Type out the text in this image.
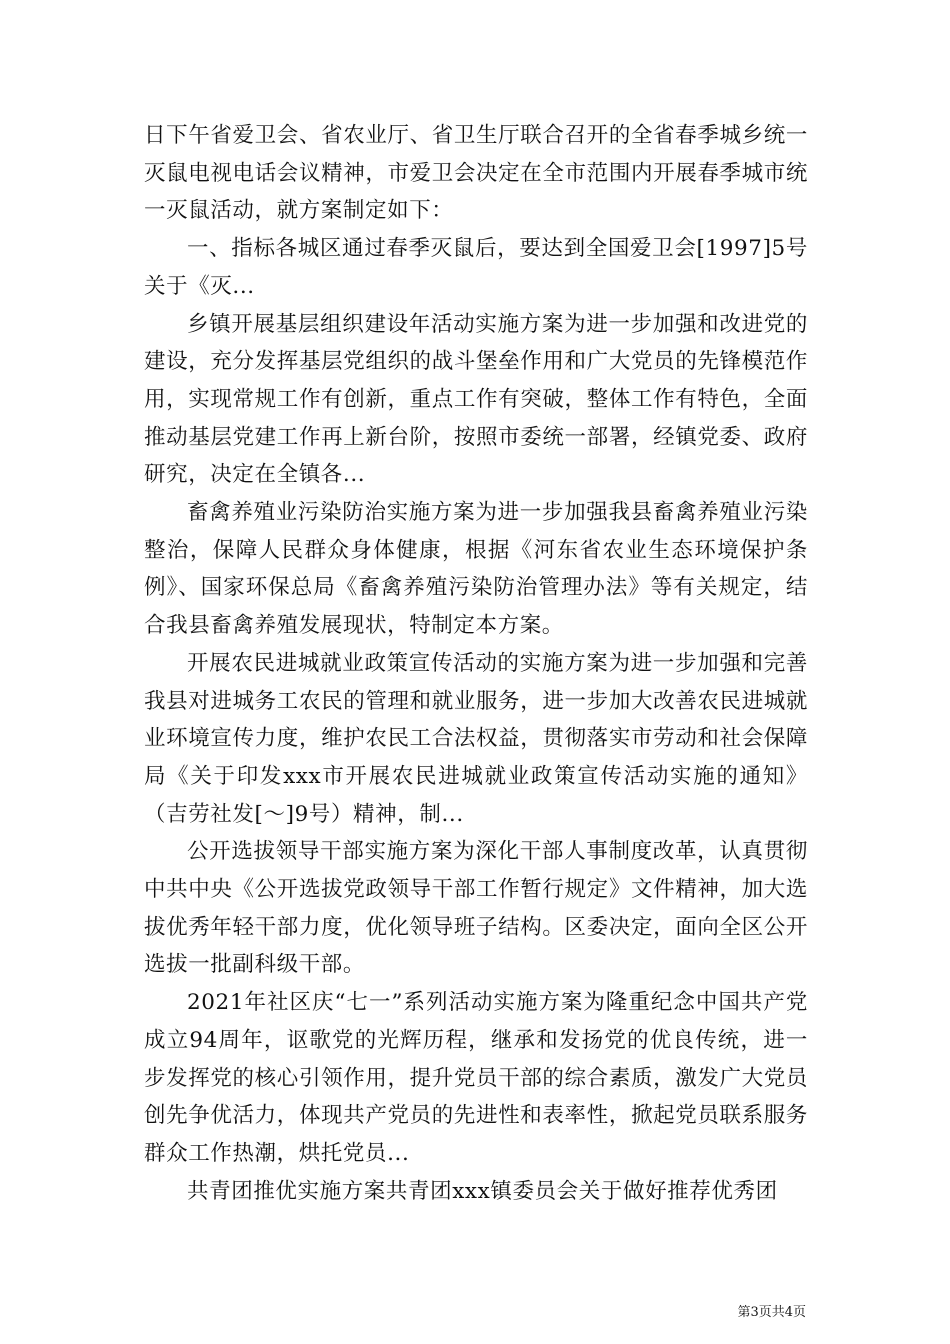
日下午省爱卫会、省农业厅、省卫生厅联合召开的全省春季城乡统一灭鼠电视电话会议精神，市爱卫会决定在全市范围内开展春季城市统一灭鼠活动，就方案制定如下：

一、指标各城区通过春季灭鼠后，要达到全国爱卫会[1997]5号关于《灭...

乡镇开展基层组织建设年活动实施方案为进一步加强和改进党的建设，充分发挥基层党组织的战斗堡垒作用和广大党员的先锋模范作用，实现常规工作有创新，重点工作有突破，整体工作有特色，全面推动基层党建工作再上新台阶，按照市委统一部署，经镇党委、政府研究，决定在全镇各...

畜禽养殖业污染防治实施方案为进一步加强我县畜禽养殖业污染整治，保障人民群众身体健康，根据《河东省农业生态环境保护条例》、国家环保总局《畜禽养殖污染防治管理办法》等有关规定，结合我县畜禽养殖发展现状，特制定本方案。

开展农民进城就业政策宣传活动的实施方案为进一步加强和完善我县对进城务工农民的管理和就业服务，进一步加大改善农民进城就业环境宣传力度，维护农民工合法权益，贯彻落实市劳动和社会保障局《关于印发xxx市开展农民进城就业政策宣传活动实施的通知》（吉劳社发[～]9号）精神，制...

公开选拔领导干部实施方案为深化干部人事制度改革，认真贯彻中共中央《公开选拔党政领导干部工作暂行规定》文件精神，加大选拔优秀年轻干部力度，优化领导班子结构。区委决定，面向全区公开选拔一批副科级干部。

2021年社区庆“七一”系列活动实施方案为隆重纪念中国共产党成立94周年，讴歌党的光辉历程，继承和发扬党的优良传统，进一步发挥党的核心引领作用，提升党员干部的综合素质，激发广大党员创先争优活力，体现共产党员的先进性和表率性，掀起党员联系服务群众工作热潮，烘托党员...

共青团推优实施方案共青团xxx镇委员会关于做好推荐优秀团

第3页共4页
